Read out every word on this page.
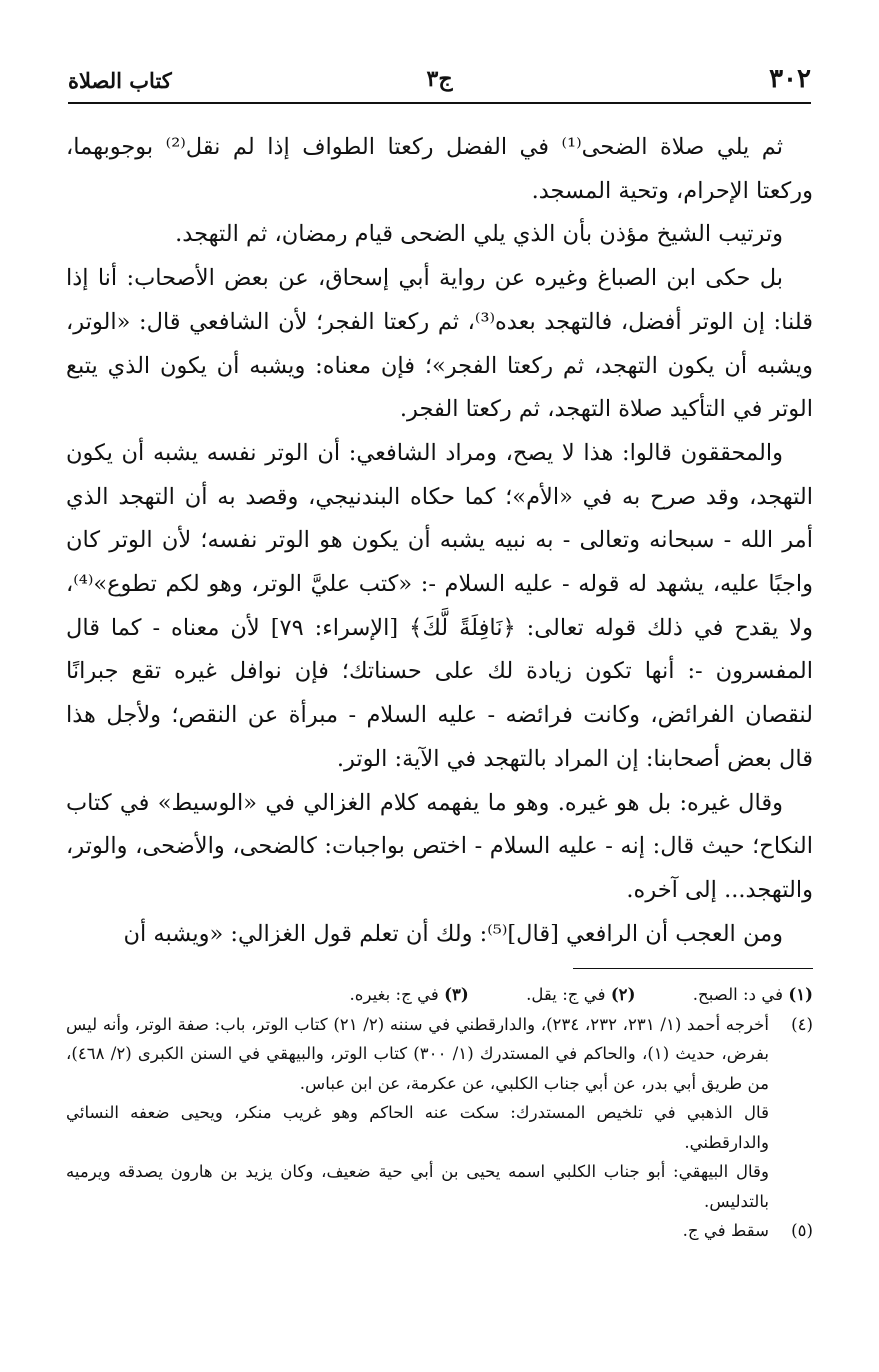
٣٠٢
ج٣
كتاب الصلاة

ثم يلي صلاة الضحى⁽¹⁾ في الفضل ركعتا الطواف إذا لم نقل⁽²⁾ بوجوبهما، وركعتا الإحرام، وتحية المسجد.

وترتيب الشيخ مؤذن بأن الذي يلي الضحى قيام رمضان، ثم التهجد.

بل حكى ابن الصباغ وغيره عن رواية أبي إسحاق، عن بعض الأصحاب: أنا إذا قلنا: إن الوتر أفضل، فالتهجد بعده⁽³⁾، ثم ركعتا الفجر؛ لأن الشافعي قال: «الوتر، ويشبه أن يكون التهجد، ثم ركعتا الفجر»؛ فإن معناه: ويشبه أن يكون الذي يتبع الوتر في التأكيد صلاة التهجد، ثم ركعتا الفجر.

والمحققون قالوا: هذا لا يصح، ومراد الشافعي: أن الوتر نفسه يشبه أن يكون التهجد، وقد صرح به في «الأم»؛ كما حكاه البندنيجي، وقصد به أن التهجد الذي أمر الله - سبحانه وتعالى - به نبيه يشبه أن يكون هو الوتر نفسه؛ لأن الوتر كان واجبًا عليه، يشهد له قوله - عليه السلام -: «كتب عليَّ الوتر، وهو لكم تطوع»⁽⁴⁾، ولا يقدح في ذلك قوله تعالى: ﴿نَافِلَةً لَّكَ﴾ [الإسراء: ٧٩] لأن معناه - كما قال المفسرون -: أنها تكون زيادة لك على حسناتك؛ فإن نوافل غيره تقع جبرانًا لنقصان الفرائض، وكانت فرائضه - عليه السلام - مبرأة عن النقص؛ ولأجل هذا قال بعض أصحابنا: إن المراد بالتهجد في الآية: الوتر.

وقال غيره: بل هو غيره. وهو ما يفهمه كلام الغزالي في «الوسيط» في كتاب النكاح؛ حيث قال: إنه - عليه السلام - اختص بواجبات: كالضحى، والأضحى، والوتر، والتهجد... إلى آخره.

ومن العجب أن الرافعي [قال]⁽⁵⁾: ولك أن تعلم قول الغزالي: «ويشبه أن

(١) في د: الصبح. (٢) في ج: يقل. (٣) في ج: بغيره.
(٤)
أخرجه أحمد (١/ ٢٣١، ٢٣٢، ٢٣٤)، والدارقطني في سننه (٢/ ٢١) كتاب الوتر، باب: صفة الوتر، وأنه ليس بفرض، حديث (١)، والحاكم في المستدرك (١/ ٣٠٠) كتاب الوتر، والبيهقي في السنن الكبرى (٢/ ٤٦٨)، من طريق أبي بدر، عن أبي جناب الكلبي، عن عكرمة، عن ابن عباس.
قال الذهبي في تلخيص المستدرك: سكت عنه الحاكم وهو غريب منكر، ويحيى ضعفه النسائي والدارقطني.
وقال البيهقي: أبو جناب الكلبي اسمه يحيى بن أبي حية ضعيف، وكان يزيد بن هارون يصدقه ويرميه بالتدليس.
(٥)
سقط في ج.
